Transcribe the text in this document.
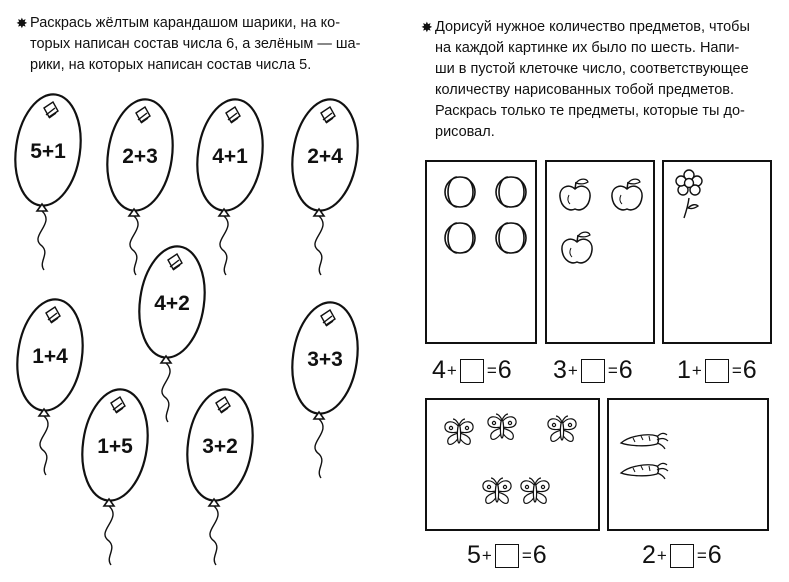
✸ Раскрась жёлтым карандашом шарики, на ко-
торых написан состав числа 6, а зелёным — ша-
рики, на которых написан состав числа 5.
5+1	2+3	4+1	2+4
4+2
1+4	3+3
1+5	3+2
✸ Дорисуй нужное количество предметов, чтобы
на каждой картинке их было по шесть. Напи-
ши в пустой клеточке число, соответствующее
количеству нарисованных тобой предметов.
Раскрась только те предметы, которые ты до-
рисовал.
4 + = 6 3 + = 6 1 + = 6
5 + = 6	2 + = 6
